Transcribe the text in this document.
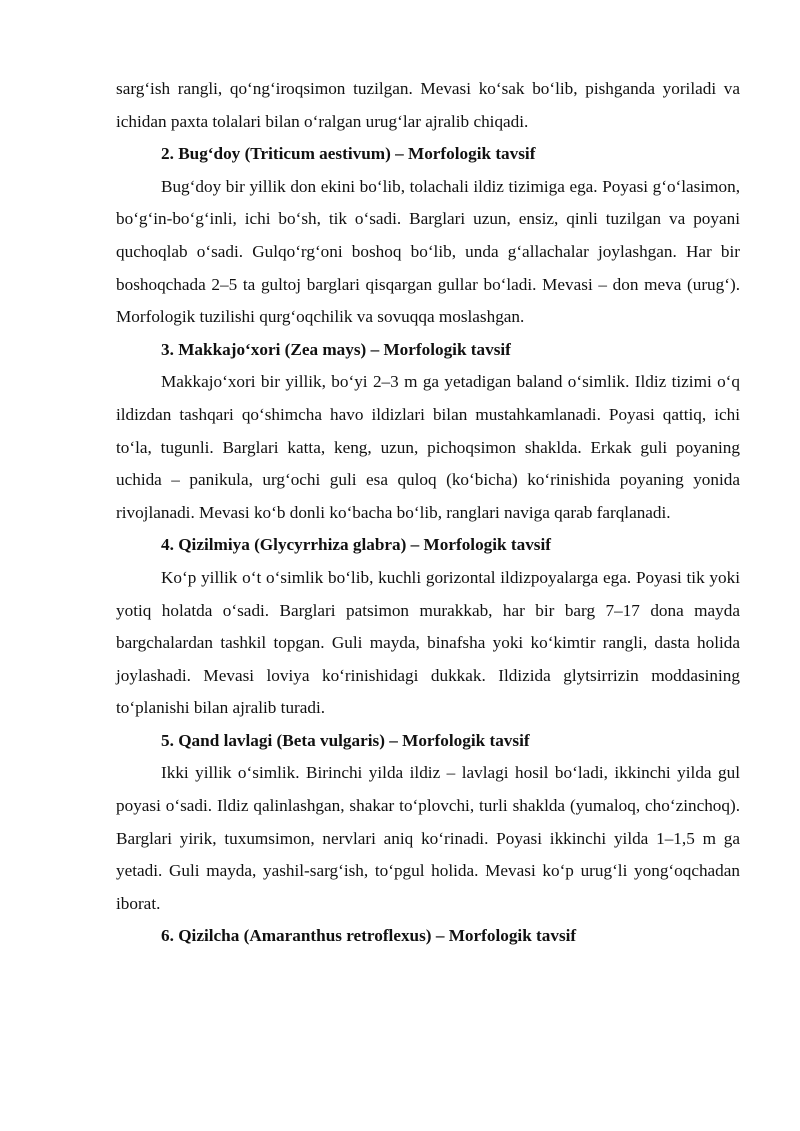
sarg‘ish rangli, qo‘ng‘iroqsimon tuzilgan. Mevasi ko‘sak bo‘lib, pishganda yoriladi va ichidan paxta tolalari bilan o‘ralgan urug‘lar ajralib chiqadi.

2. Bug‘doy (Triticum aestivum) – Morfologik tavsif

Bug‘doy bir yillik don ekini bo‘lib, tolachali ildiz tizimiga ega. Poyasi g‘o‘lasimon, bo‘g‘in-bo‘g‘inli, ichi bo‘sh, tik o‘sadi. Barglari uzun, ensiz, qinli tuzilgan va poyani quchoqlab o‘sadi. Gulqo‘rg‘oni boshoq bo‘lib, unda g‘allachalar joylashgan. Har bir boshoqchada 2–5 ta gultoj barglari qisqargan gullar bo‘ladi. Mevasi – don meva (urug‘). Morfologik tuzilishi qurg‘oqchilik va sovuqqa moslashgan.

3. Makkajo‘xori (Zea mays) – Morfologik tavsif

Makkajo‘xori bir yillik, bo‘yi 2–3 m ga yetadigan baland o‘simlik. Ildiz tizimi o‘q ildizdan tashqari qo‘shimcha havo ildizlari bilan mustahkamlanadi. Poyasi qattiq, ichi to‘la, tugunli. Barglari katta, keng, uzun, pichoqsimon shaklda. Erkak guli poyaning uchida – panikula, urg‘ochi guli esa quloq (ko‘bicha) ko‘rinishida poyaning yonida rivojlanadi. Mevasi ko‘b donli ko‘bacha bo‘lib, ranglari naviga qarab farqlanadi.

4. Qizilmiya (Glycyrrhiza glabra) – Morfologik tavsif

Ko‘p yillik o‘t o‘simlik bo‘lib, kuchli gorizontal ildizpoyalarga ega. Poyasi tik yoki yotiq holatda o‘sadi. Barglari patsimon murakkab, har bir barg 7–17 dona mayda bargchalardan tashkil topgan. Guli mayda, binafsha yoki ko‘kimtir rangli, dasta holida joylashadi. Mevasi loviya ko‘rinishidagi dukkak. Ildizida glytsirrizin moddasining to‘planishi bilan ajralib turadi.

5. Qand lavlagi (Beta vulgaris) – Morfologik tavsif

Ikki yillik o‘simlik. Birinchi yilda ildiz – lavlagi hosil bo‘ladi, ikkinchi yilda gul poyasi o‘sadi. Ildiz qalinlashgan, shakar to‘plovchi, turli shaklda (yumaloq, cho‘zinchoq). Barglari yirik, tuxumsimon, nervlari aniq ko‘rinadi. Poyasi ikkinchi yilda 1–1,5 m ga yetadi. Guli mayda, yashil-sarg‘ish, to‘pgul holida. Mevasi ko‘p urug‘li yong‘oqchadan iborat.

6. Qizilcha (Amaranthus retroflexus) – Morfologik tavsif
